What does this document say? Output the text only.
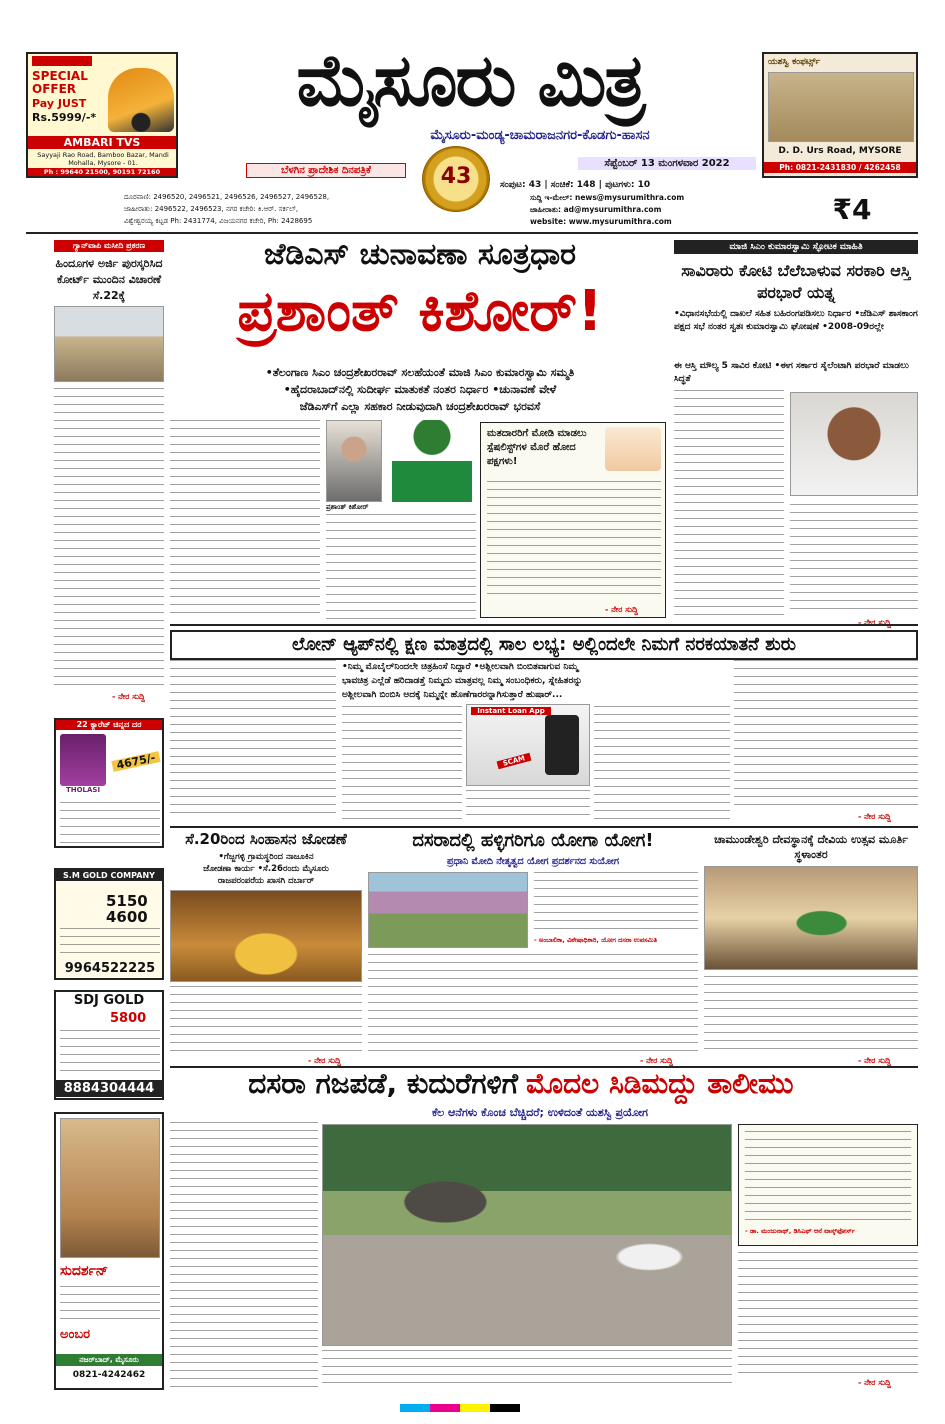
SPECIAL OFFER
Pay JUST
Rs.5999/-*
AMBARI TVS
Sayyaji Rao Road, Bamboo Bazar, Mandi Mohalla, Mysore - 01.
Ph : 99640 21500, 90191 72160
ಮೈಸೂರು ಮಿತ್ರ
ಮೈಸೂರು-ಮಂಡ್ಯ-ಚಾಮರಾಜನಗರ-ಕೊಡಗು-ಹಾಸನ
ಬೆಳಗಿನ ಪ್ರಾದೇಶಿಕ ದಿನಪತ್ರಿಕೆ	43
ಸೆಪ್ಟೆಂಬರ್ 13 ಮಂಗಳವಾರ 2022
ಸಂಪುಟ: 43 | ಸಂಚಿಕೆ: 148 | ಪುಟಗಳು: 10
ದೂರವಾಣಿ: 2496520, 2496521, 2496526, 2496527, 2496528,
ಜಾಹೀರಾತು: 2496522, 2496523, ನಗರ ಕಚೇರಿ: ಕಿ.ಆರ್. ಸರ್ಕಲ್,
ವಿಶ್ವೇಶ್ವರಯ್ಯ ಕಟ್ಟಡ Ph: 2431774, ವಿಜಯನಗರ ಕಚೇರಿ, Ph: 2428695
ಸುದ್ದಿ ಇ-ಮೇಲ್: news@mysurumithra.com
ಜಾಹೀರಾತು: ad@mysurumithra.com
website: www.mysurumithra.com	₹4
ಯಶಸ್ವಿ ಕಂಫರ್ಟ್ಸ್
D. D. Urs Road, MYSORE
Ph: 0821-2431830 / 4262458
ಗ್ಯಾನ್‌ವಾಪಿ ಮಸೀದಿ ಪ್ರಕರಣ
ಹಿಂದೂಗಳ ಅರ್ಜಿ ಪುರಸ್ಕರಿಸಿದ ಕೋರ್ಟ್ ಮುಂದಿನ ವಿಚಾರಣೆ ಸೆ.22ಕ್ಕೆ
- ನೇರ ಸುದ್ದಿ
22 ಕ್ಯಾರೆಟ್ ಚಿನ್ನದ ದರ
THOLASI
4675/-
S.M GOLD COMPANY
5150
4600
9964522225
SDJ GOLD
5800
8884304444
ಸುದರ್ಶನ್
ಅಂಬರ
ನಜರ್‌ಬಾದ್, ಮೈಸೂರು
0821-4242462
ಜೆಡಿಎಸ್ ಚುನಾವಣಾ ಸೂತ್ರಧಾರ
ಪ್ರಶಾಂತ್ ಕಿಶೋರ್!
•ತೆಲಂಗಾಣ ಸಿಎಂ ಚಂದ್ರಶೇಖರರಾವ್ ಸಲಹೆಯಂತೆ ಮಾಜಿ ಸಿಎಂ ಕುಮಾರಸ್ವಾಮಿ ಸಮ್ಮತಿ
•ಹೈದರಾಬಾದ್‌ನಲ್ಲಿ ಸುದೀರ್ಘ ಮಾತುಕತೆ ನಂತರ ನಿರ್ಧಾರ •ಚುನಾವಣೆ ವೇಳೆ
ಜೆಡಿಎಸ್‌ಗೆ ಎಲ್ಲಾ ಸಹಕಾರ ನೀಡುವುದಾಗಿ ಚಂದ್ರಶೇಖರರಾವ್ ಭರವಸೆ
ಪ್ರಶಾಂತ್ ಕಿಶೋರ್
ಮತದಾರರಿಗೆ ಮೋಡಿ ಮಾಡಲು ಸ್ಪೆಷಲಿಸ್ಟ್‌ಗಳ ಮೊರೆ ಹೋದ ಪಕ್ಷಗಳು!
- ನೇರ ಸುದ್ದಿ
ಮಾಜಿ ಸಿಎಂ ಕುಮಾರಸ್ವಾಮಿ ಸ್ಫೋಟಕ ಮಾಹಿತಿ
ಸಾವಿರಾರು ಕೋಟಿ ಬೆಲೆಬಾಳುವ ಸರಕಾರಿ ಆಸ್ತಿ ಪರಭಾರೆ ಯತ್ನ
•ವಿಧಾನಸಭೆಯಲ್ಲಿ ದಾಖಲೆ ಸಹಿತ ಬಹಿರಂಗಪಡಿಸಲು ನಿರ್ಧಾರ •ಜೆಡಿಎಸ್ ಶಾಸಕಾಂಗ ಪಕ್ಷದ ಸಭೆ ನಂತರ ಸ್ವತಃ ಕುಮಾರಸ್ವಾಮಿ ಘೋಷಣೆ •2008-09ರಲ್ಲೇ
ಈ ಆಸ್ತಿ ಮೌಲ್ಯ 5 ಸಾವಿರ ಕೋಟಿ •ಈಗ ಸರ್ಕಾರ ಸೈಲೆಂಟಾಗಿ ಪರಭಾರೆ ಮಾಡಲು ಸಿದ್ಧತೆ
- ನೇರ ಸುದ್ದಿ
ಲೋನ್ ಆ್ಯಪ್‌ನಲ್ಲಿ ಕ್ಷಣ ಮಾತ್ರದಲ್ಲಿ ಸಾಲ ಲಭ್ಯ: ಅಲ್ಲಿಂದಲೇ ನಿಮಗೆ ನರಕಯಾತನೆ ಶುರು
•ನಿಮ್ಮ ಮೊಬೈಲ್‌ನಿಂದಲೇ ಚಿತ್ರಹಿಂಸೆ ನಿದ್ದಾರೆ •ಅಶ್ಲೀಲವಾಗಿ ಬಿಂಬಿತವಾಗುವ ನಿಮ್ಮ
ಭಾವಚಿತ್ರ ಎಲ್ಲೆಡೆ ಹರಿದಾಡತ್ತೆ ನಿಮ್ಮದು ಮಾತ್ರವಲ್ಲ ನಿಮ್ಮ ಸಂಬಂಧಿಕರು, ಸ್ನೇಹಿತರನ್ನು
ಅಶ್ಲೀಲವಾಗಿ ಬಿಂಬಿಸಿ ಅದಕ್ಕೆ ನಿಮ್ಮನ್ನೇ ಹೊಣೆಗಾರರನ್ನಾಗಿಸುತ್ತಾರೆ ಹುಷಾರ್...
Instant Loan App
SCAM
- ನೇರ ಸುದ್ದಿ
ಸೆ.20ರಿಂದ ಸಿಂಹಾಸನ ಜೋಡಣೆ
•ಗೆಜ್ಜಗಳ್ಳಿ ಗ್ರಾಮಸ್ಥರಿಂದ ನಾಜೂಕಿನ
ಜೋಡಣಾ ಕಾರ್ಯ •ಸೆ.26ರಂದು ಮೈಸೂರು
ರಾಜಪರಂಪರೆಯ ಖಾಸಗಿ ದರ್ಬಾರ್
- ನೇರ ಸುದ್ದಿ
ದಸರಾದಲ್ಲಿ ಹಳ್ಳಿಗರಿಗೂ ಯೋಗಾ ಯೋಗ!
ಪ್ರಧಾನಿ ಮೋದಿ ನೇತೃತ್ವದ ಯೋಗ ಪ್ರದರ್ಶನದ ಸುಯೋಗ
- ಅಂಬಾಲಿಕಾ, ವಿಶೇಷಾಧಿಕಾರಿ, ಯೋಗ ದಸರಾ ಉಪಸಮಿತಿ
- ನೇರ ಸುದ್ದಿ
ಚಾಮುಂಡೇಶ್ವರಿ ದೇವಸ್ಥಾನಕ್ಕೆ ದೇವಿಯ ಉತ್ಸವ ಮೂರ್ತಿ ಸ್ಥಳಾಂತರ
- ನೇರ ಸುದ್ದಿ
ದಸರಾ ಗಜಪಡೆ, ಕುದುರೆಗಳಿಗೆ ಮೊದಲ ಸಿಡಿಮದ್ದು ತಾಲೀಮು
ಕೆಲ ಆನೆಗಳು ಕೊಂಚ ಬೆಚ್ಚಿದರೆ; ಉಳಿದಂತೆ ಯಶಸ್ವಿ ಪ್ರಯೋಗ
- ಡಾ. ಮಂಜುನಾಥ್, ಡಿಸಿಎಫ್ ಆನೆ ಟಾಸ್ಕ್‌ಫೋರ್ಸ್
- ನೇರ ಸುದ್ದಿ
